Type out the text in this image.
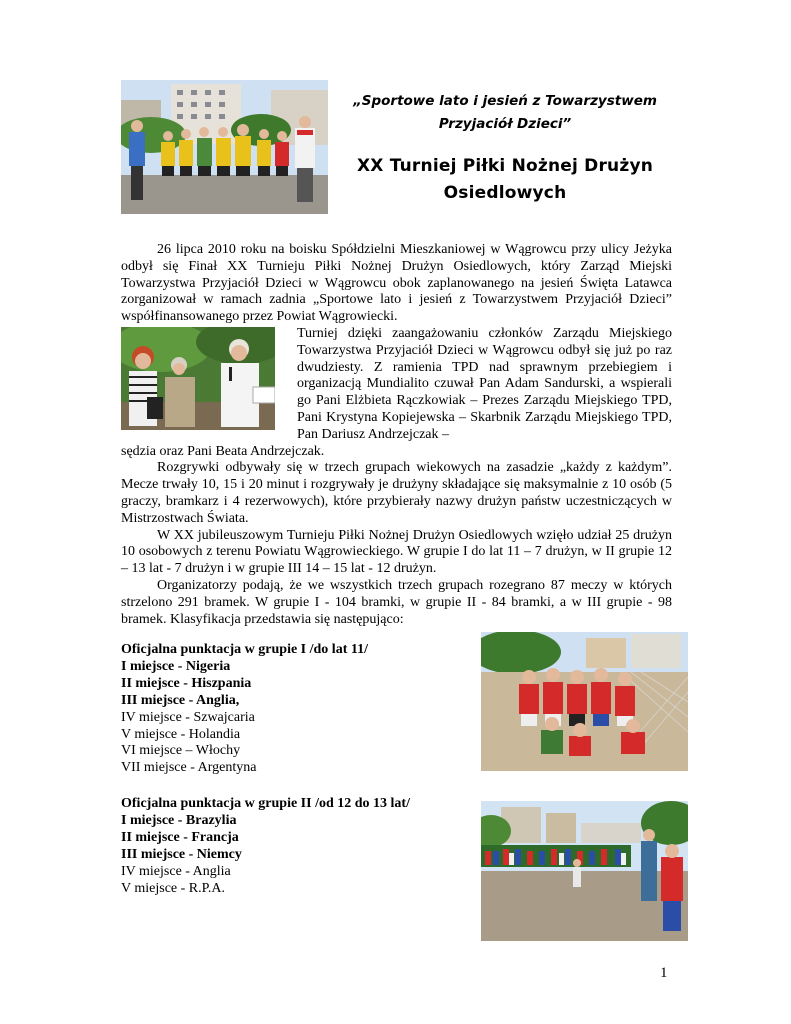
„Sportowe lato i jesień z Towarzystwem
Przyjaciół Dzieci”
XX Turniej Piłki Nożnej Drużyn
Osiedlowych

26 lipca 2010 roku na boisku Spółdzielni Mieszkaniowej w Wągrowcu przy ulicy Jeżyka odbył się Finał XX Turnieju Piłki Nożnej Drużyn Osiedlowych, który Zarząd Miejski Towarzystwa Przyjaciół Dzieci w Wągrowcu obok zaplanowanego na jesień Święta Latawca zorganizował w ramach zadnia „Sportowe lato i jesień z Towarzystwem Przyjaciół Dzieci” współfinansowanego przez Powiat Wągrowiecki.

Turniej dzięki zaangażowaniu członków Zarządu Miejskiego Towarzystwa Przyjaciół Dzieci w Wągrowcu odbył się już po raz dwudziesty. Z ramienia TPD nad sprawnym przebiegiem i organizacją Mundialito czuwał Pan Adam Sandurski, a wspierali go Pani Elżbieta Rączkowiak – Prezes Zarządu Miejskiego TPD, Pani Krystyna Kopiejewska – Skarbnik Zarządu Miejskiego TPD, Pan Dariusz Andrzejczak –

sędzia oraz Pani Beata Andrzejczak.

Rozgrywki odbywały się w trzech grupach wiekowych na zasadzie „każdy z każdym”. Mecze trwały 10, 15 i 20 minut i rozgrywały je drużyny składające się maksymalnie z 10 osób (5 graczy, bramkarz i 4 rezerwowych), które przybierały nazwy drużyn państw uczestniczących w Mistrzostwach Świata.

W XX jubileuszowym Turnieju Piłki Nożnej Drużyn Osiedlowych wzięło udział 25 drużyn 10 osobowych z terenu Powiatu Wągrowieckiego. W grupie I do lat 11 – 7 drużyn, w II grupie 12 – 13 lat - 7 drużyn i w grupie III 14 – 15 lat - 12 drużyn.

Organizatorzy podają, że we wszystkich trzech grupach rozegrano 87 meczy w których strzelono 291 bramek. W grupie I - 104 bramki, w grupie II - 84 bramki, a w III grupie - 98 bramek. Klasyfikacja przedstawia się następująco:

Oficjalna punktacja w grupie I /do lat 11/
I miejsce - Nigeria
II miejsce - Hiszpania
III miejsce - Anglia,
IV miejsce - Szwajcaria
V miejsce - Holandia
VI miejsce – Włochy
VII miejsce - Argentyna
Oficjalna punktacja w grupie II /od 12 do 13 lat/
I miejsce - Brazylia
II miejsce - Francja
III miejsce - Niemcy
IV miejsce - Anglia
V miejsce - R.P.A.
1
